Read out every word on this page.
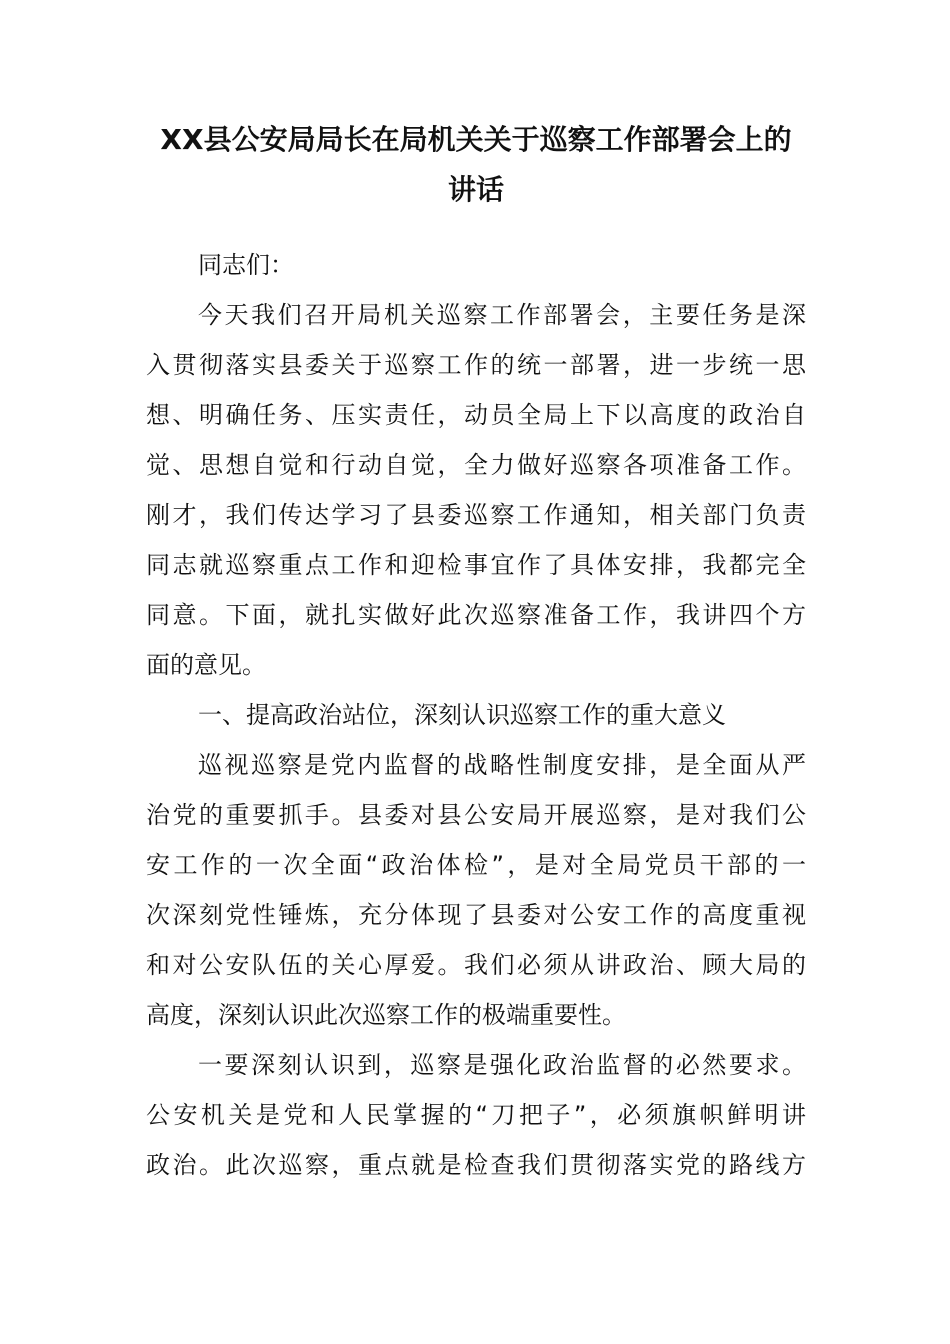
XX县公安局局长在局机关关于巡察工作部署会上的
讲话
同志们：
今天我们召开局机关巡察工作部署会，主要任务是深
入贯彻落实县委关于巡察工作的统一部署，进一步统一思
想、明确任务、压实责任，动员全局上下以高度的政治自
觉、思想自觉和行动自觉，全力做好巡察各项准备工作。
刚才，我们传达学习了县委巡察工作通知，相关部门负责
同志就巡察重点工作和迎检事宜作了具体安排，我都完全
同意。下面，就扎实做好此次巡察准备工作，我讲四个方
面的意见。
一、提高政治站位，深刻认识巡察工作的重大意义
巡视巡察是党内监督的战略性制度安排，是全面从严
治党的重要抓手。县委对县公安局开展巡察，是对我们公
安工作的一次全面“政治体检”，是对全局党员干部的一
次深刻党性锤炼，充分体现了县委对公安工作的高度重视
和对公安队伍的关心厚爱。我们必须从讲政治、顾大局的
高度，深刻认识此次巡察工作的极端重要性。
一要深刻认识到，巡察是强化政治监督的必然要求。
公安机关是党和人民掌握的“刀把子”，必须旗帜鲜明讲
政治。此次巡察，重点就是检查我们贯彻落实党的路线方
